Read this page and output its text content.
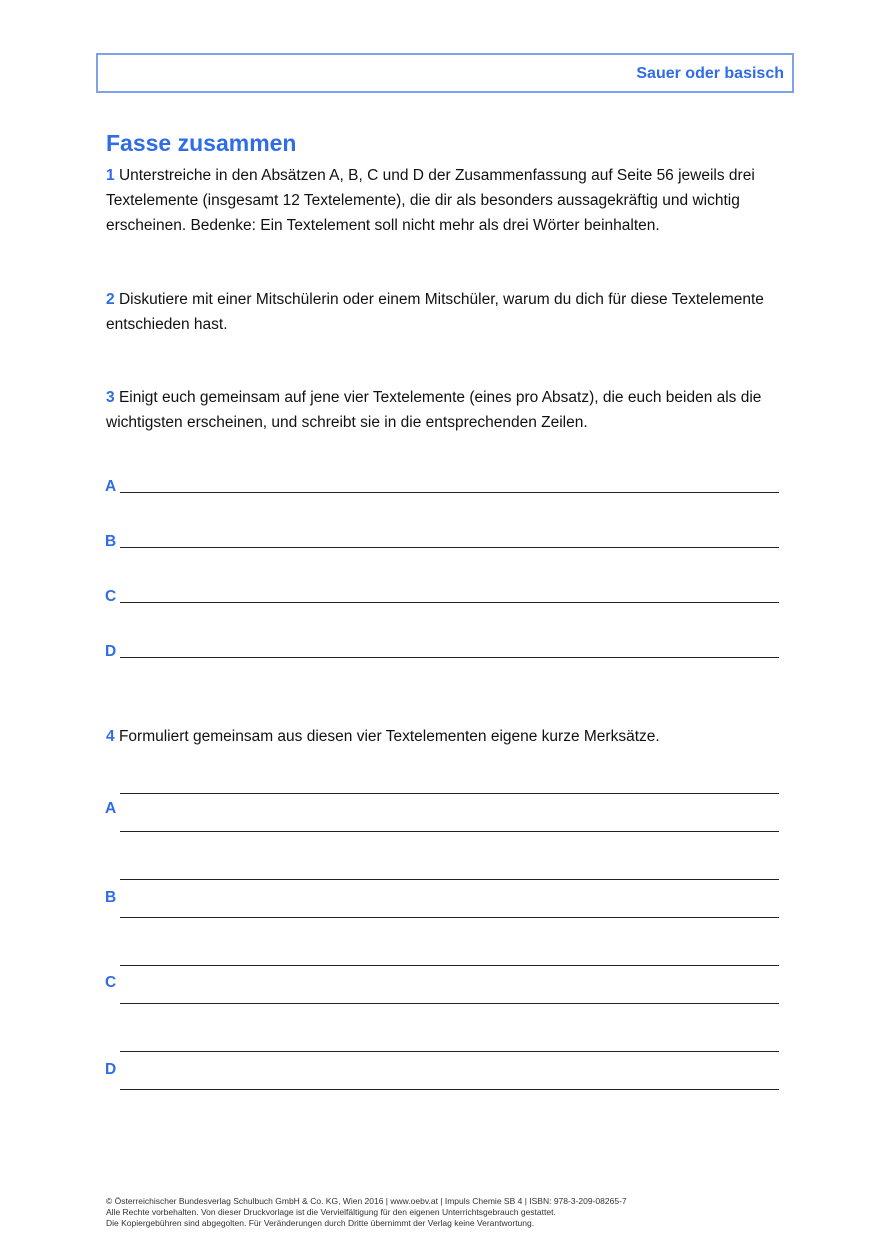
Sauer oder basisch
Fasse zusammen
1 Unterstreiche in den Absätzen A, B, C und D der Zusammenfassung auf Seite 56 jeweils drei Textelemente (insgesamt 12 Textelemente), die dir als besonders aussagekräftig und wichtig erscheinen. Bedenke: Ein Textelement soll nicht mehr als drei Wörter beinhalten.
2 Diskutiere mit einer Mitschülerin oder einem Mitschüler, warum du dich für diese Textelemente entschieden hast.
3 Einigt euch gemeinsam auf jene vier Textelemente (eines pro Absatz), die euch beiden als die wichtigsten erscheinen, und schreibt sie in die entsprechenden Zeilen.
A
B
C
D
4 Formuliert gemeinsam aus diesen vier Textelementen eigene kurze Merksätze.
A
B
C
D
© Österreichischer Bundesverlag Schulbuch GmbH & Co. KG, Wien 2016 | www.oebv.at | Impuls Chemie SB 4 | ISBN: 978-3-209-08265-7
Alle Rechte vorbehalten. Von dieser Druckvorlage ist die Vervielfältigung für den eigenen Unterrichtsgebrauch gestattet.
Die Kopiergebühren sind abgegolten. Für Veränderungen durch Dritte übernimmt der Verlag keine Verantwortung.
